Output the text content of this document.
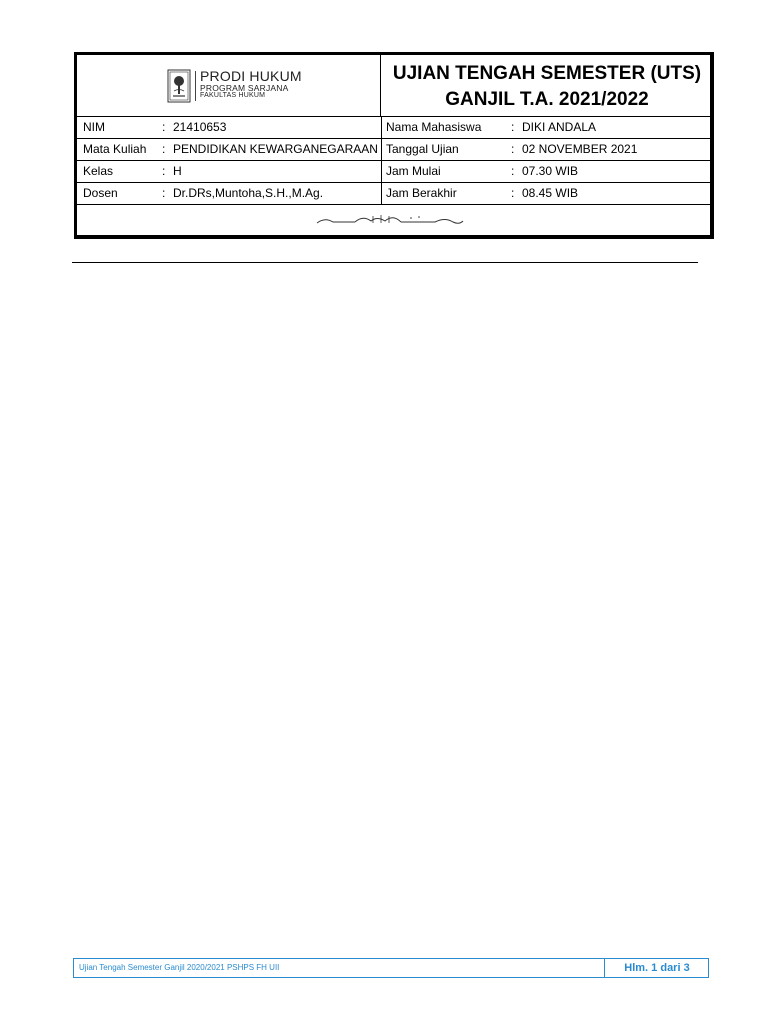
PRODI HUKUM
PROGRAM SARJANA
FAKULTAS HUKUM
UJIAN TENGAH SEMESTER (UTS)
GANJIL T.A. 2021/2022
NIM	: 21410653	Nama Mahasiswa : DIKI ANDALA
Mata Kuliah : PENDIDIKAN KEWARGANEGARAAN Tanggal Ujian	: 02 NOVEMBER 2021
Kelas	: H	Jam Mulai	: 07.30 WIB
Dosen	: Dr.DRs,Muntoha,S.H.,M.Ag.	Jam Berakhir	: 08.45 WIB
Ujian Tengah Semester Ganjil 2020/2021 PSHPS FH UII	Hlm. 1 dari 3
